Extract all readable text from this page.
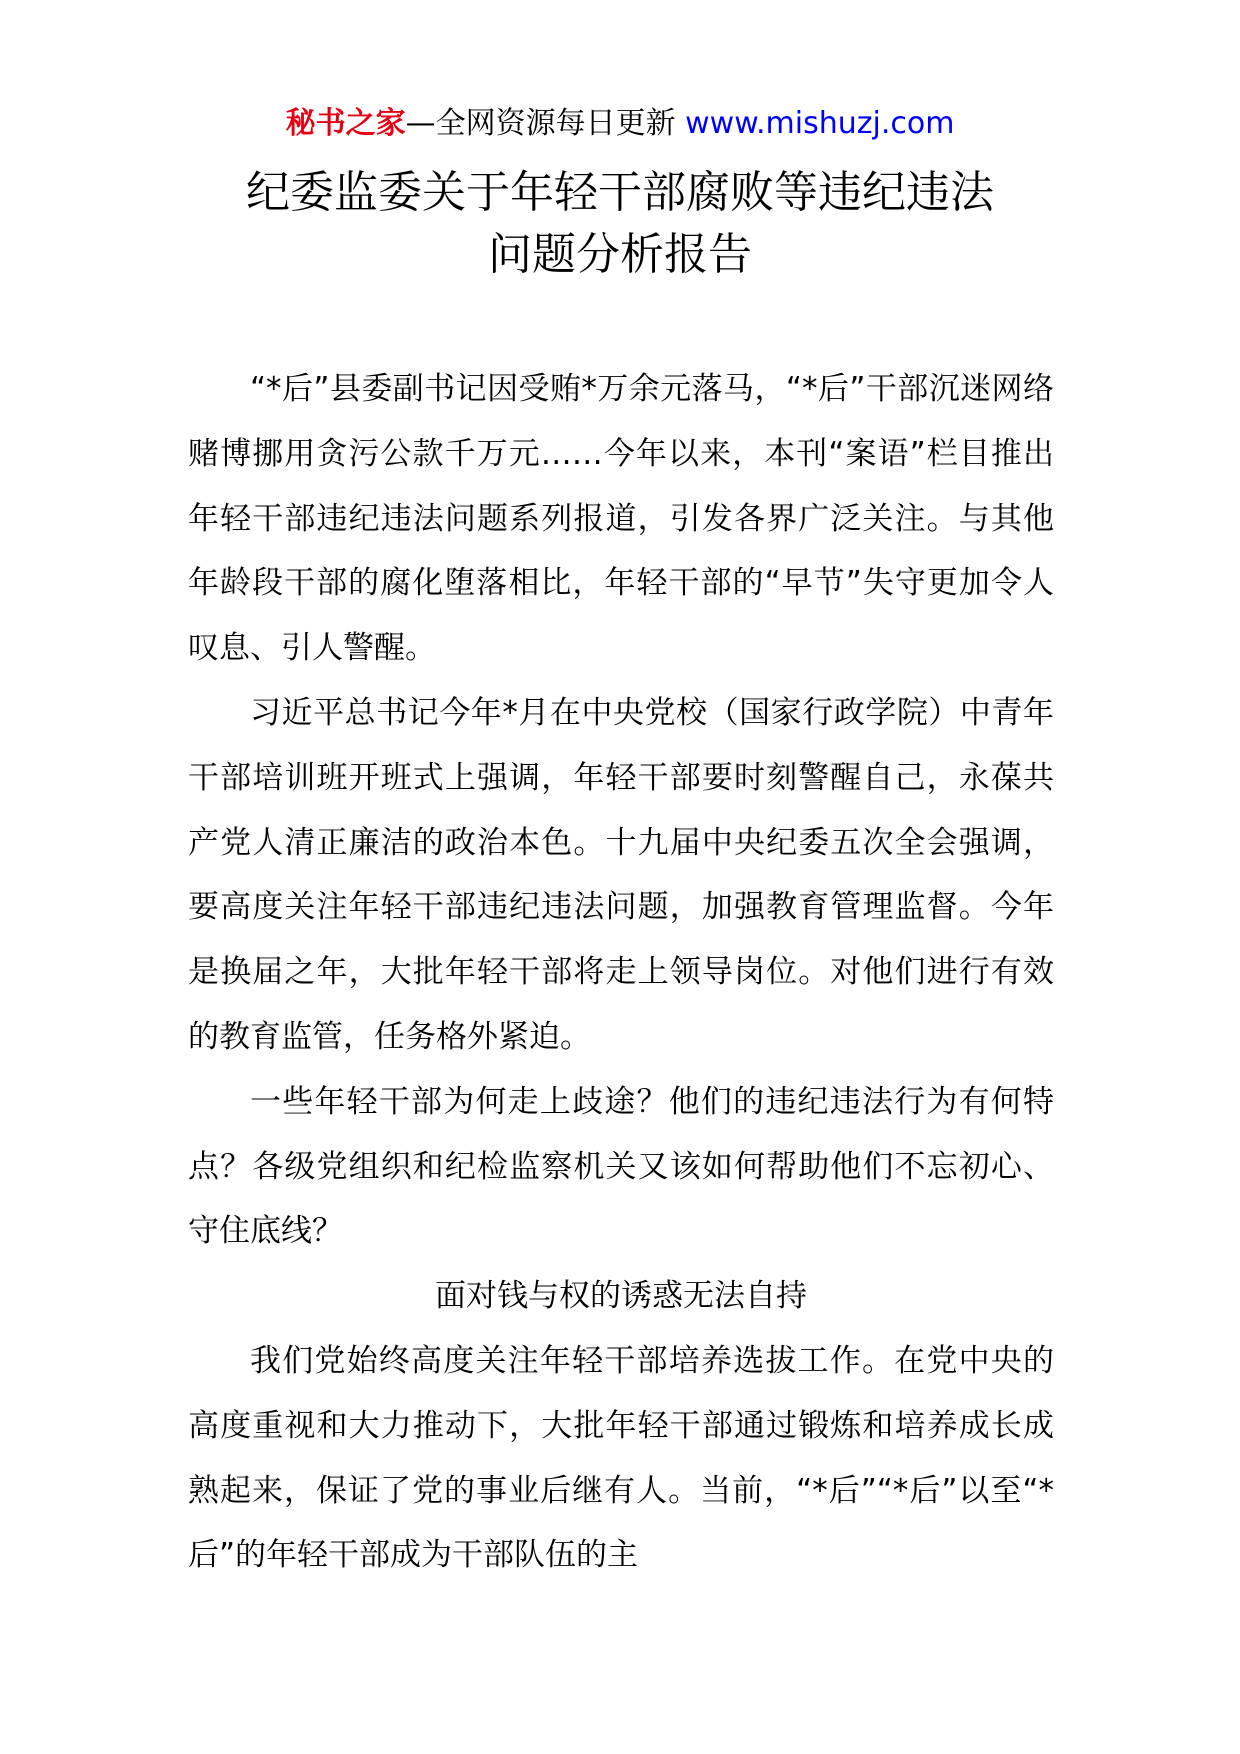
秘书之家—全网资源每日更新 www.mishuzj.com
纪委监委关于年轻干部腐败等违纪违法
问题分析报告

“*后”县委副书记因受贿*万余元落马，“*后”干部沉迷网络赌博挪用贪污公款千万元……今年以来，本刊“案语”栏目推出年轻干部违纪违法问题系列报道，引发各界广泛关注。与其他年龄段干部的腐化堕落相比，年轻干部的“早节”失守更加令人叹息、引人警醒。

习近平总书记今年*月在中央党校（国家行政学院）中青年干部培训班开班式上强调，年轻干部要时刻警醒自己，永葆共产党人清正廉洁的政治本色。十九届中央纪委五次全会强调，要高度关注年轻干部违纪违法问题，加强教育管理监督。今年是换届之年，大批年轻干部将走上领导岗位。对他们进行有效的教育监管，任务格外紧迫。

一些年轻干部为何走上歧途？他们的违纪违法行为有何特点？各级党组织和纪检监察机关又该如何帮助他们不忘初心、守住底线？

面对钱与权的诱惑无法自持

我们党始终高度关注年轻干部培养选拔工作。在党中央的高度重视和大力推动下，大批年轻干部通过锻炼和培养成长成熟起来，保证了党的事业后继有人。当前，“*后”“*后”以至“*后”的年轻干部成为干部队伍的主
